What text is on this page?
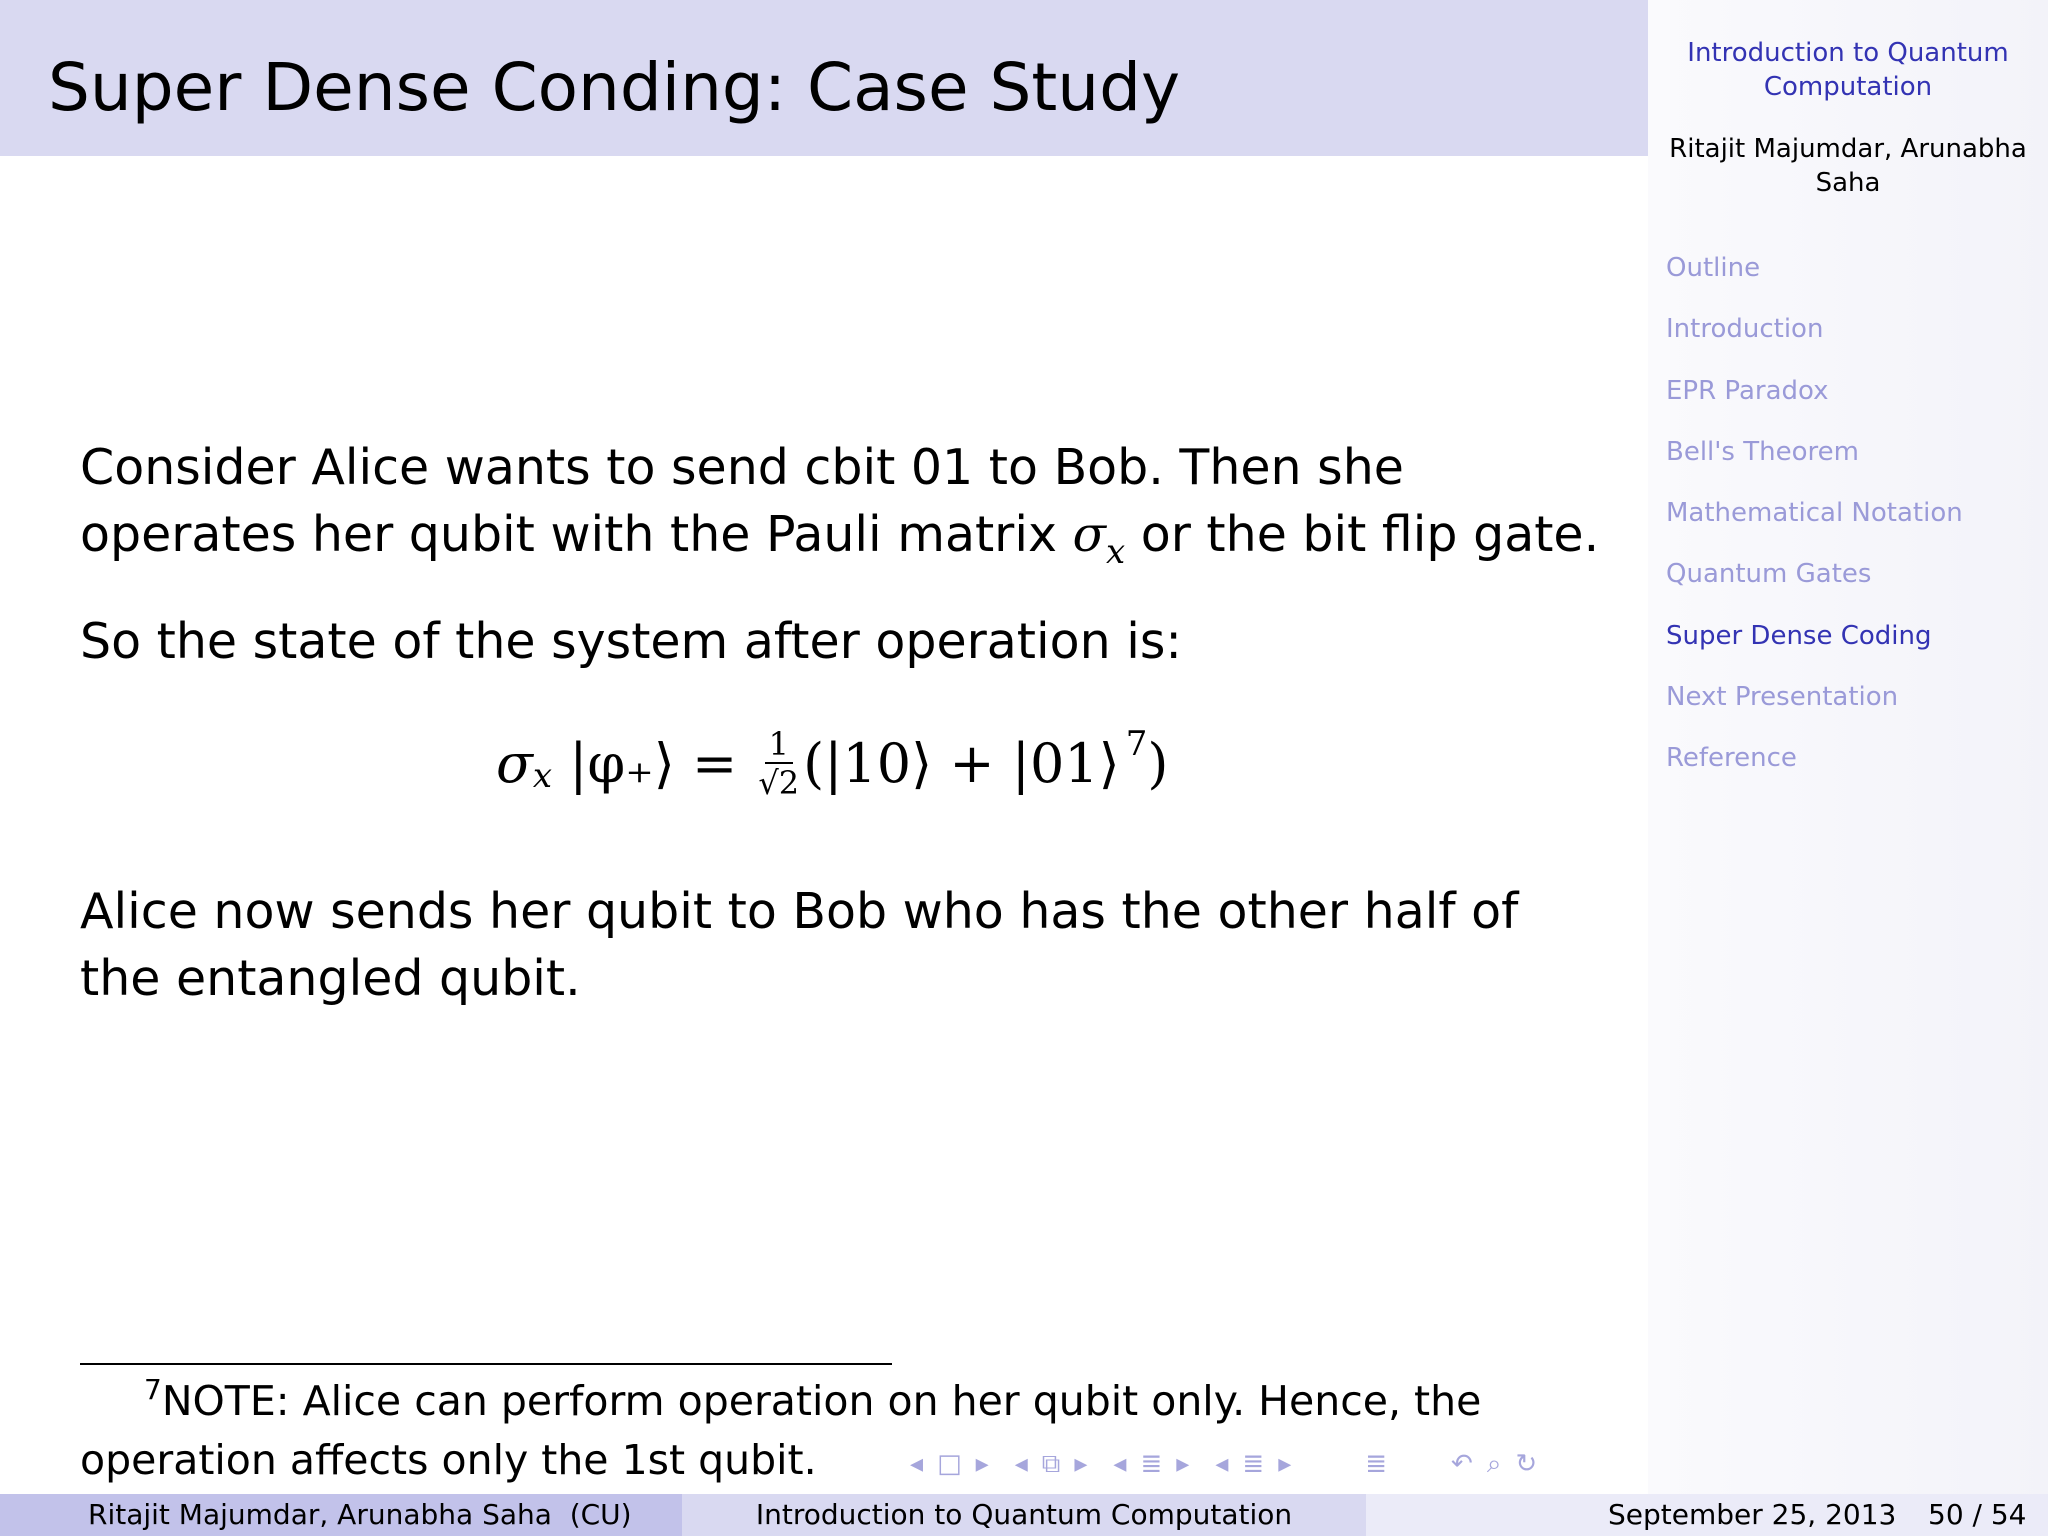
Super Dense Conding: Case Study	Introduction to Quantum Computation
Ritajit Majumdar, Arunabha Saha
Outline
Introduction
EPR Paradox
Bell's Theorem
Mathematical Notation
Quantum Gates
Super Dense Coding
Next Presentation
Reference
Consider Alice wants to send cbit 01 to Bob. Then she operates her qubit with the Pauli matrix $\sigma_x$ or the bit flip gate.
So the state of the system after operation is:
σ x |φ₊⟩ = $\frac{1}{√2}$ (|10⟩ + |01⟩ 7 )
Alice now sends her qubit to Bob who has the other half of the entangled qubit.
$^7$NOTE: Alice can perform operation on her qubit only. Hence, the operation affects only the 1st qubit.	◂ □ ▸ ◂ ⧉ ▸ ◂ ≣ ▸ ◂ ≣ ▸	≣ ↶ ⌕ ↻
Ritajit Majumdar, Arunabha Saha  (CU)	Introduction to Quantum Computation	September 25, 2013 50 / 54
